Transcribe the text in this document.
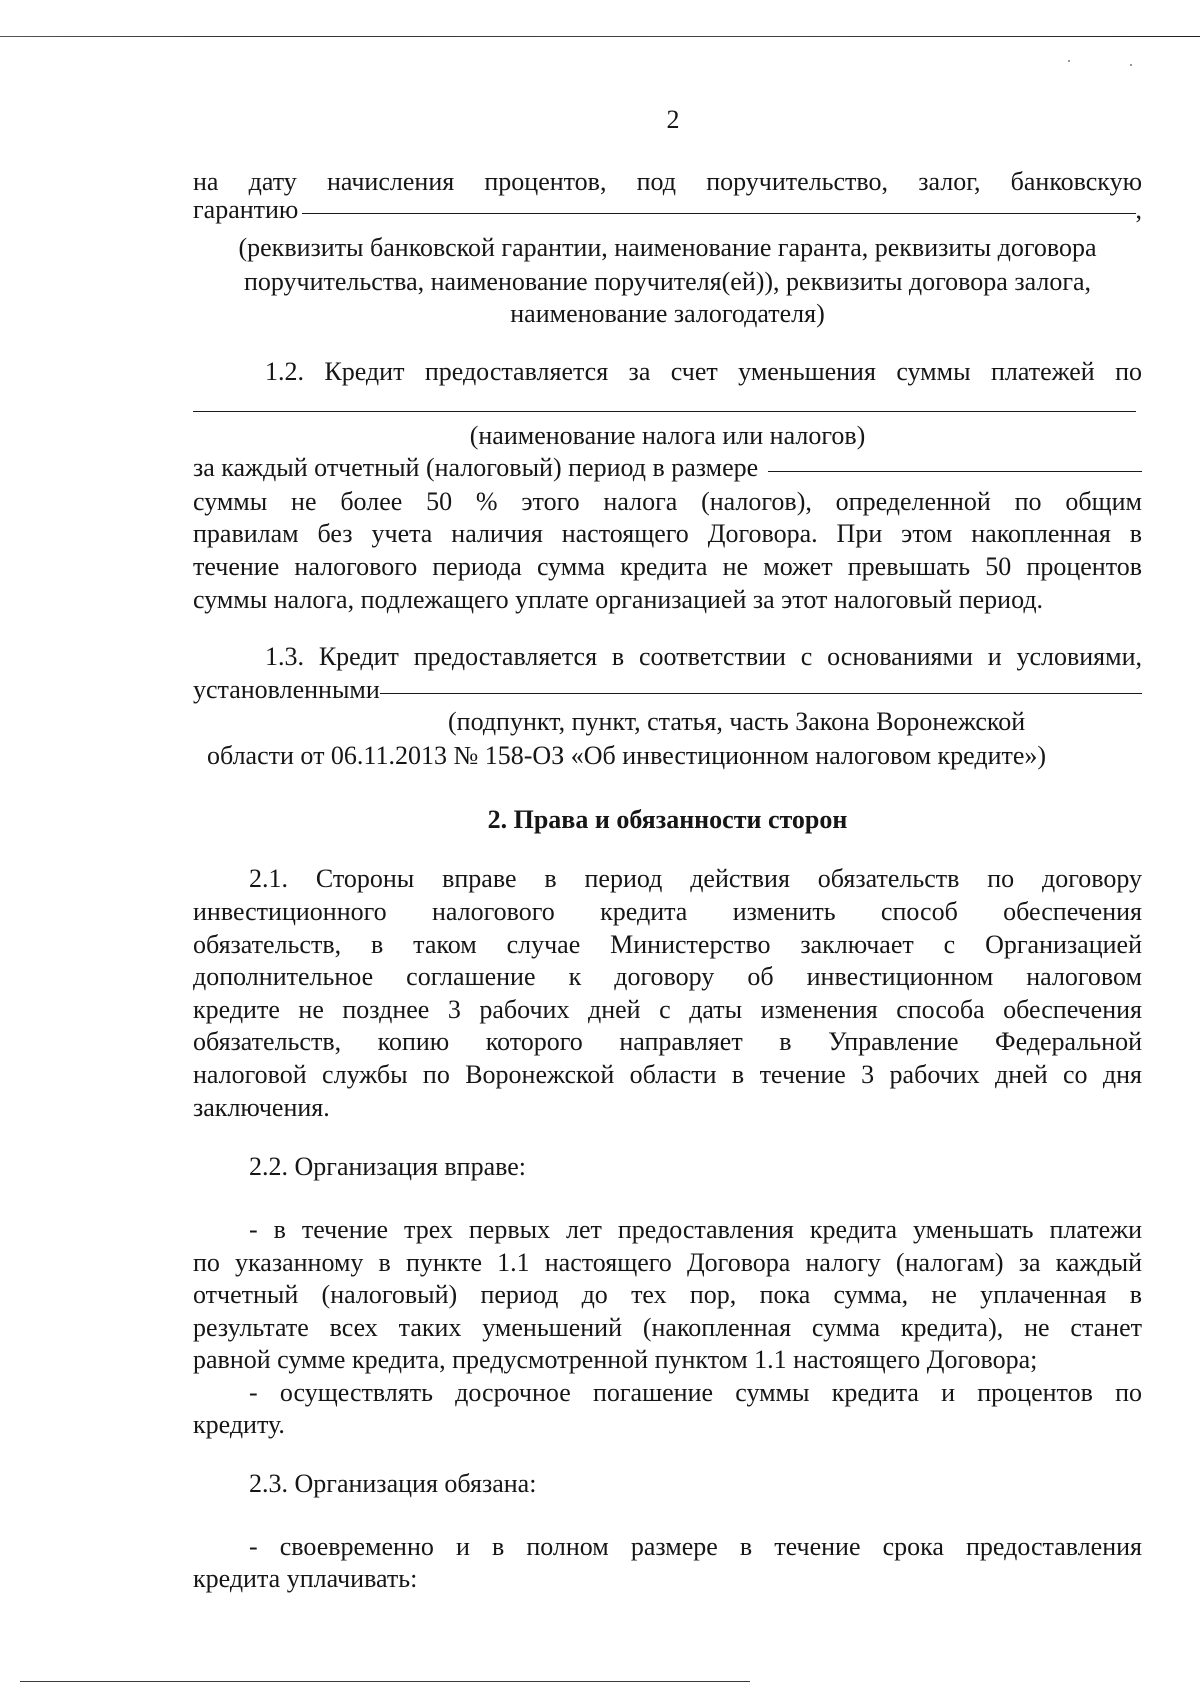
2
на дату начисления процентов, под поручительство, залог, банковскую
гарантию	,
(реквизиты банковской гарантии, наименование гаранта, реквизиты договора
поручительства, наименование поручителя(ей)), реквизиты договора залога,
наименование залогодателя)
1.2. Кредит предоставляется за счет уменьшения суммы платежей по
(наименование налога или налогов)
за каждый отчетный (налоговый) период в размере
суммы не более 50 % этого налога (налогов), определенной по общим
правилам без учета наличия настоящего Договора. При этом накопленная в
течение налогового периода сумма кредита не может превышать 50 процентов
суммы налога, подлежащего уплате организацией за этот налоговый период.
1.3. Кредит предоставляется в соответствии с основаниями и условиями,
установленными
(подпункт, пункт, статья, часть Закона Воронежской
области от 06.11.2013 № 158-ОЗ «Об инвестиционном налоговом кредите»)
2. Права и обязанности сторон
2.1. Стороны вправе в период действия обязательств по договору
инвестиционного налогового кредита изменить способ обеспечения
обязательств, в таком случае Министерство заключает с Организацией
дополнительное соглашение к договору об инвестиционном налоговом
кредите не позднее 3 рабочих дней с даты изменения способа обеспечения
обязательств, копию которого направляет в Управление Федеральной
налоговой службы по Воронежской области в течение 3 рабочих дней со дня
заключения.
2.2. Организация вправе:
- в течение трех первых лет предоставления кредита уменьшать платежи
по указанному в пункте 1.1 настоящего Договора налогу (налогам) за каждый
отчетный (налоговый) период до тех пор, пока сумма, не уплаченная в
результате всех таких уменьшений (накопленная сумма кредита), не станет
равной сумме кредита, предусмотренной пунктом 1.1 настоящего Договора;
- осуществлять досрочное погашение суммы кредита и процентов по
кредиту.
2.3. Организация обязана:
- своевременно и в полном размере в течение срока предоставления
кредита уплачивать:
